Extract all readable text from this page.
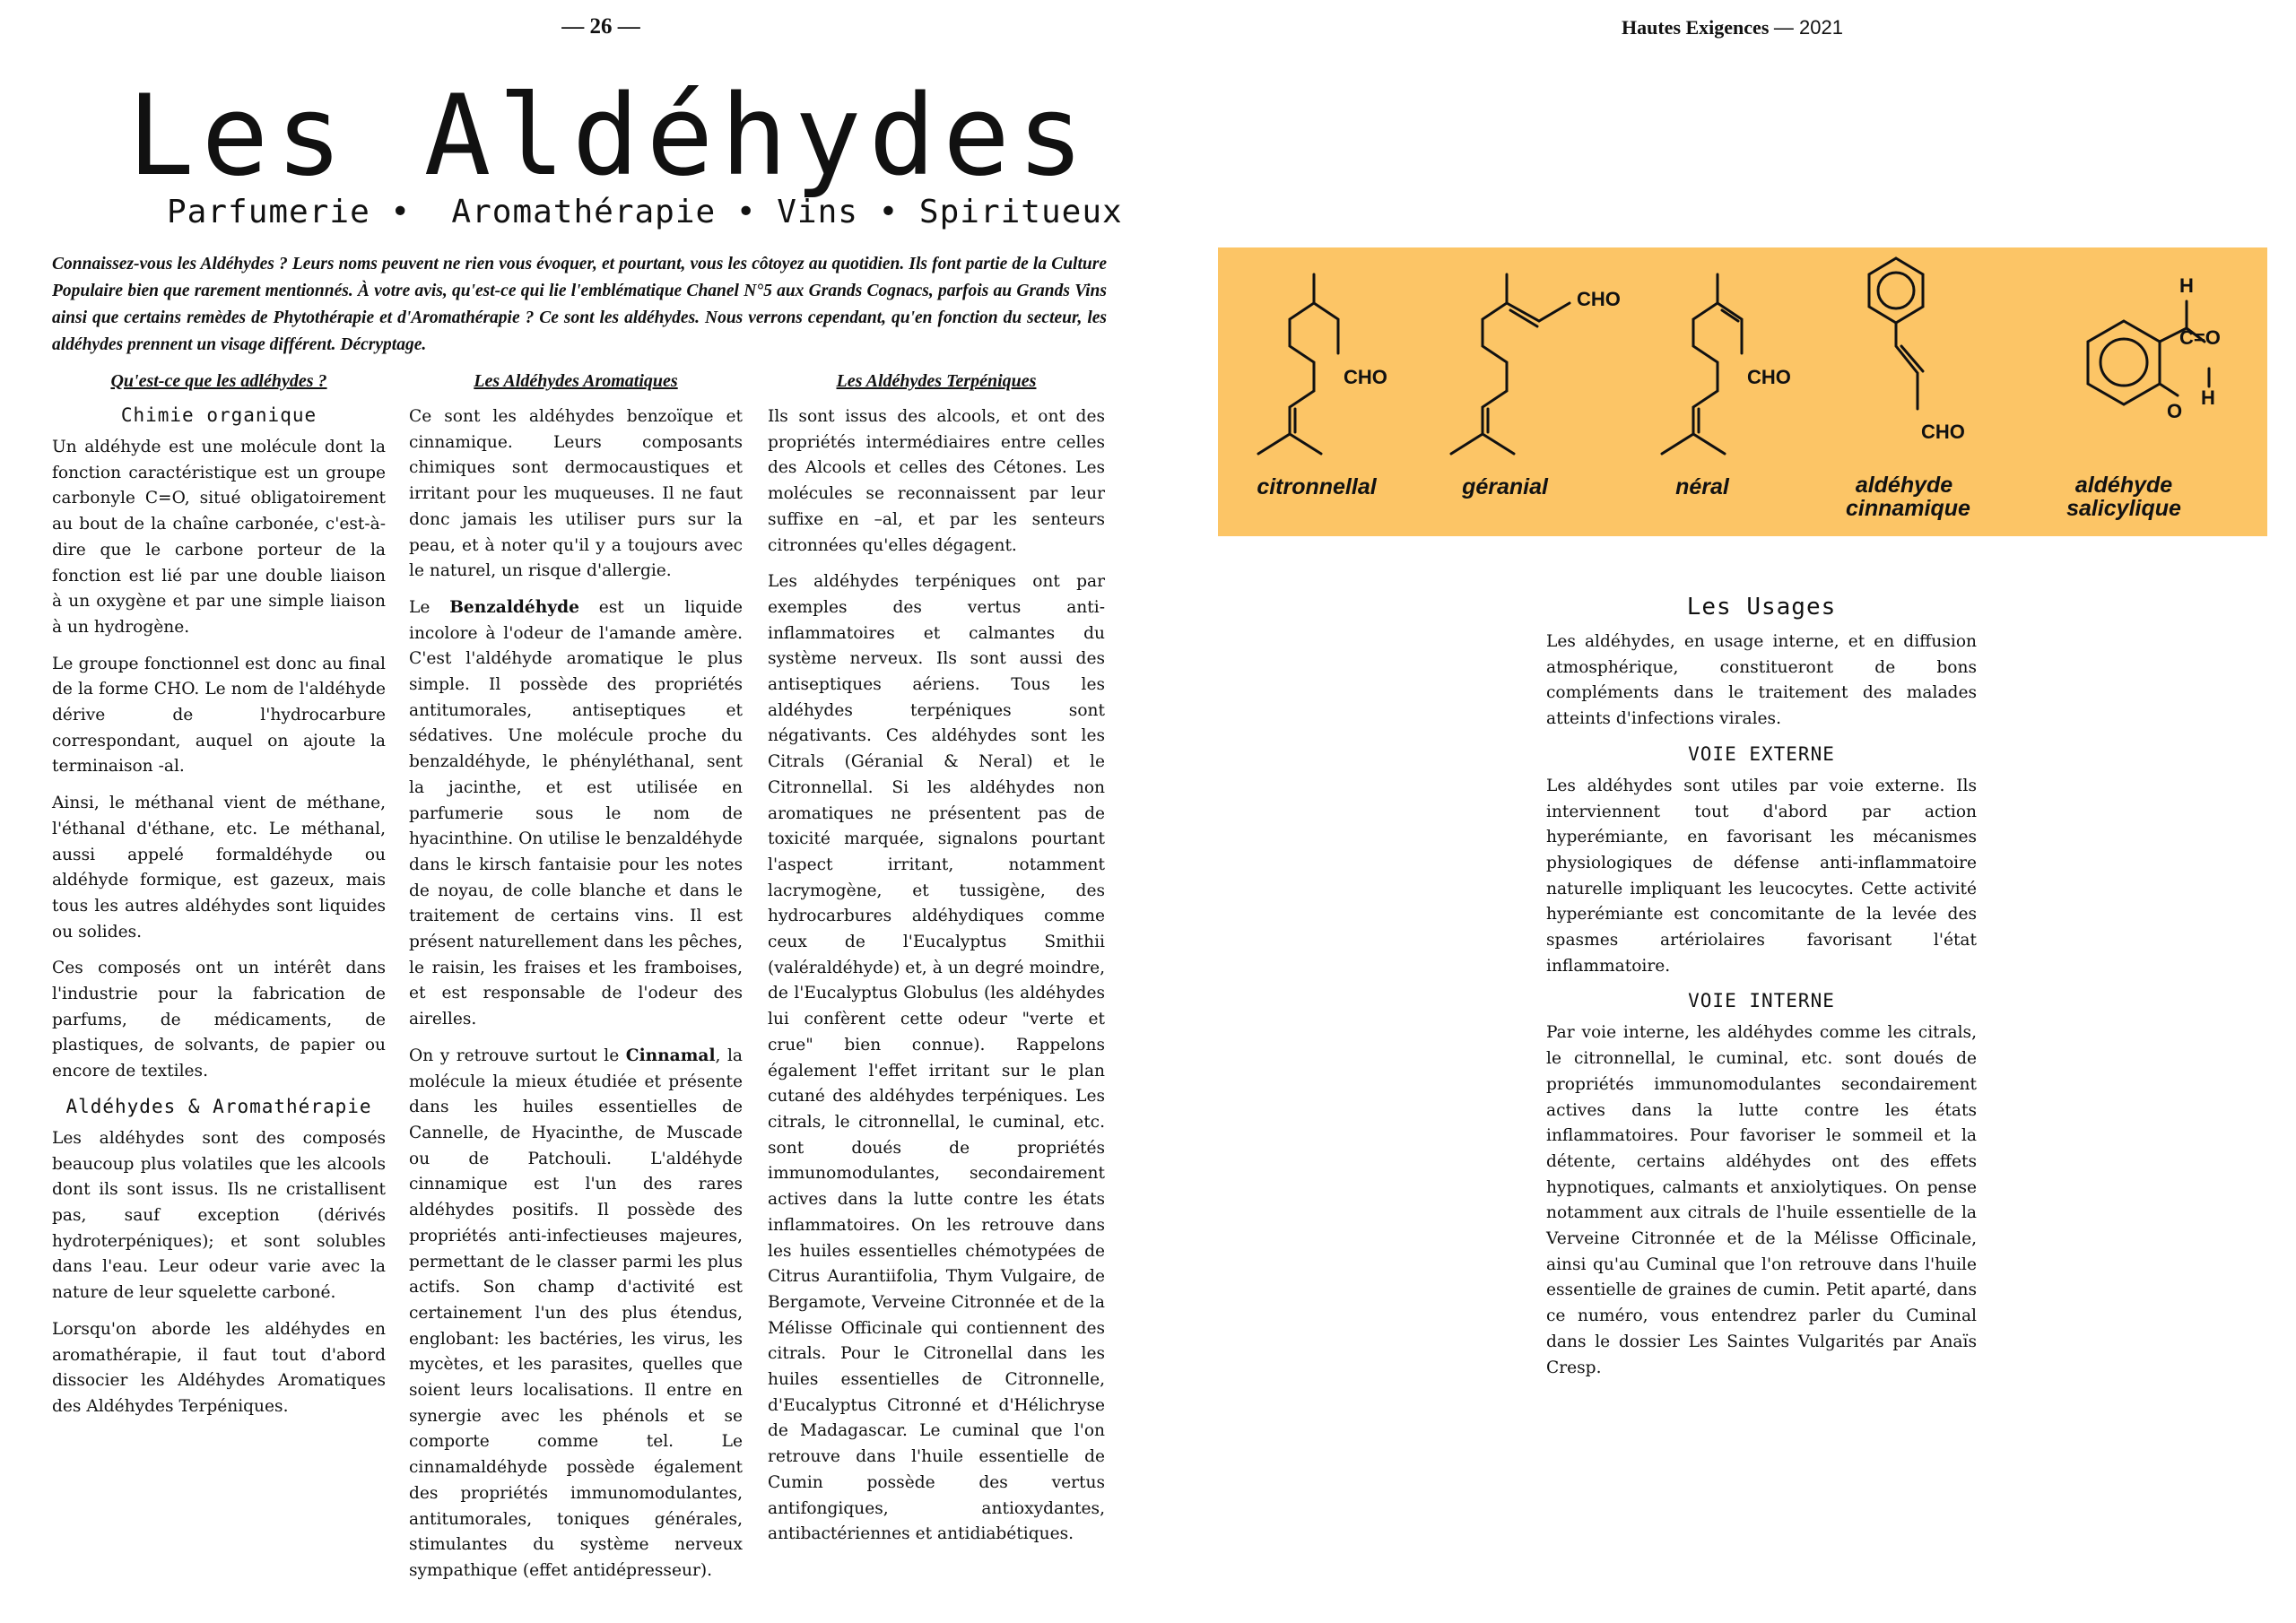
— 26 —	Hautes Exigences — 2021
Les Aldéhydes
Parfumerie •  Aromathérapie • Vins • Spiritueux
Connaissez-vous les Aldéhydes ? Leurs noms peuvent ne rien vous évoquer, et pourtant, vous les côtoyez au quotidien. Ils font partie de la Culture Populaire bien que rarement mentionnés. À votre avis, qu'est-ce qui lie l'emblématique Chanel N°5 aux Grands Cognacs, parfois au Grands Vins ainsi que certains remèdes de Phytothérapie et d'Aromathérapie ? Ce sont les aldéhydes. Nous verrons cependant, qu'en fonction du secteur, les aldéhydes prennent un visage différent. Décryptage.
Qu'est-ce que les adléhydes ?
Chimie organique

Un aldéhyde est une molécule dont la fonction caractéristique est un groupe carbonyle C=O, situé obligatoirement au bout de la chaîne carbonée, c'est-à-dire que le carbone porteur de la fonction est lié par une double liaison à un oxygène et par une simple liaison à un hydrogène.

Le groupe fonctionnel est donc au final de la forme CHO. Le nom de l'aldéhyde dérive de l'hydrocarbure correspondant, auquel on ajoute la terminaison -al.

Ainsi, le méthanal vient de méthane, l'éthanal d'éthane, etc. Le méthanal, aussi appelé formaldéhyde ou aldéhyde formique, est gazeux, mais tous les autres aldéhydes sont liquides ou solides.

Ces composés ont un intérêt dans l'industrie pour la fabrication de parfums, de médicaments, de plastiques, de solvants, de papier ou encore de textiles.

Aldéhydes & Aromathérapie

Les aldéhydes sont des composés beaucoup plus volatiles que les alcools dont ils sont issus. Ils ne cristallisent pas, sauf exception (dérivés hydroterpéniques); et sont solubles dans l'eau. Leur odeur varie avec la nature de leur squelette carboné.

Lorsqu'on aborde les aldéhydes en aromathérapie, il faut tout d'abord dissocier les Aldéhydes Aromatiques des Aldéhydes Terpéniques.

Les Aldéhydes Aromatiques

Ce sont les aldéhydes benzoïque et cinnamique. Leurs composants chimiques sont dermocaustiques et irritant pour les muqueuses. Il ne faut donc jamais les utiliser purs sur la peau, et à noter qu'il y a toujours avec le naturel, un risque d'allergie.

Le Benzaldéhyde est un liquide incolore à l'odeur de l'amande amère. C'est l'aldéhyde aromatique le plus simple. Il possède des propriétés antitumorales, antiseptiques et sédatives. Une molécule proche du benzaldéhyde, le phényléthanal, sent la jacinthe, et est utilisée en parfumerie sous le nom de hyacinthine. On utilise le benzaldéhyde dans le kirsch fantaisie pour les notes de noyau, de colle blanche et dans le traitement de certains vins. Il est présent naturellement dans les pêches, le raisin, les fraises et les framboises, et est responsable de l'odeur des airelles.

On y retrouve surtout le Cinnamal, la molécule la mieux étudiée et présente dans les huiles essentielles de Cannelle, de Hyacinthe, de Muscade ou de Patchouli. L'aldéhyde cinnamique est l'un des rares aldéhydes positifs. Il possède des propriétés anti-infectieuses majeures, permettant de le classer parmi les plus actifs. Son champ d'activité est certainement l'un des plus étendus, englobant: les bactéries, les virus, les mycètes, et les parasites, quelles que soient leurs localisations. Il entre en synergie avec les phénols et se comporte comme tel. Le cinnamaldéhyde possède également des propriétés immunomodulantes, antitumorales, toniques générales, stimulantes du système nerveux sympathique (effet antidépresseur).

Les Aldéhydes Terpéniques

Ils sont issus des alcools, et ont des propriétés intermédiaires entre celles des Alcools et celles des Cétones. Les molécules se reconnaissent par leur suffixe en –al, et par les senteurs citronnées qu'elles dégagent.

Les aldéhydes terpéniques ont par exemples des vertus anti-inflammatoires et calmantes du système nerveux. Ils sont aussi des antiseptiques aériens. Tous les aldéhydes terpéniques sont négativants. Ces aldéhydes sont les Citrals (Géranial & Neral) et le Citronnellal. Si les aldéhydes non aromatiques ne présentent pas de toxicité marquée, signalons pourtant l'aspect irritant, notamment lacrymogène, et tussigène, des hydrocarbures aldéhydiques comme ceux de l'Eucalyptus Smithii (valéraldéhyde) et, à un degré moindre, de l'Eucalyptus Globulus (les aldéhydes lui confèrent cette odeur "verte et crue" bien connue). Rappelons également l'effet irritant sur le plan cutané des aldéhydes terpéniques. Les citrals, le citronnellal, le cuminal, etc. sont doués de propriétés immunomodulantes, secondairement actives dans la lutte contre les états inflammatoires. On les retrouve dans les huiles essentielles chémotypées de Citrus Aurantiifolia, Thym Vulgaire, de Bergamote, Verveine Citronnée et de la Mélisse Officinale qui contiennent des citrals. Pour le Citronellal dans les huiles essentielles de Citronnelle, d'Eucalyptus Citronné et d'Hélichryse de Madagascar. Le cuminal que l'on retrouve dans l'huile essentielle de Cumin possède des vertus antifongiques, antioxydantes, antibactériennes et antidiabétiques.

CHO
CHO
CHO
CHO
H
C=O
H
O
citronnellal	géranial	néral	aldéhyde cinnamique
aldéhyde salicylique
Les Usages

Les aldéhydes, en usage interne, et en diffusion atmosphérique, constitueront de bons compléments dans le traitement des malades atteints d'infections virales.

VOIE EXTERNE

Les aldéhydes sont utiles par voie externe. Ils interviennent tout d'abord par action hyperémiante, en favorisant les mécanismes physiologiques de défense anti-inflammatoire naturelle impliquant les leucocytes. Cette activité hyperémiante est concomitante de la levée des spasmes artériolaires favorisant l'état inflammatoire.

VOIE INTERNE

Par voie interne, les aldéhydes comme les citrals, le citronnellal, le cuminal, etc. sont doués de propriétés immunomodulantes secondairement actives dans la lutte contre les états inflammatoires. Pour favoriser le sommeil et la détente, certains aldéhydes ont des effets hypnotiques, calmants et anxiolytiques. On pense notamment aux citrals de l'huile essentielle de la Verveine Citronnée et de la Mélisse Officinale, ainsi qu'au Cuminal que l'on retrouve dans l'huile essentielle de graines de cumin. Petit aparté, dans ce numéro, vous entendrez parler du Cuminal dans le dossier Les Saintes Vulgarités par Anaïs Cresp.
